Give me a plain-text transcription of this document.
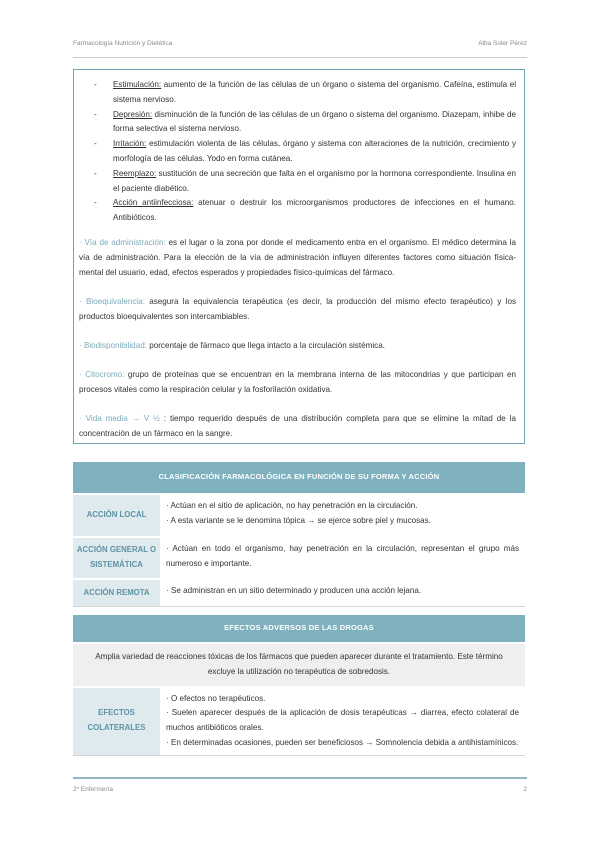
Farmacología Nutrición y Dietética	Alba Soler Pérez
- Estimulación: aumento de la función de las células de un órgano o sistema del organismo. Cafeína, estimula el sistema nervioso.
- Depresión: disminución de la función de las células de un órgano o sistema del organismo. Diazepam, inhibe de forma selectiva el sistema nervioso.
- Irritación: estimulación violenta de las células, órgano y sistema con alteraciones de la nutrición, crecimiento y morfología de las células. Yodo en forma cutánea.
- Reemplazo: sustitución de una secreción que falta en el organismo por la hormona correspondiente. Insulina en el paciente diabético.
- Acción antiinfecciosa: atenuar o destruir los microorganismos productores de infecciones en el humano. Antibióticos.

· Vía de administración: es el lugar o la zona por donde el medicamento entra en el organismo. El médico determina la vía de administración. Para la elección de la vía de administración influyen diferentes factores como situación física-mental del usuario, edad, efectos esperados y propiedades físico-químicas del fármaco.

· Bioequivalencia: asegura la equivalencia terapéutica (es decir, la producción del mismo efecto terapéutico) y los productos bioequivalentes son intercambiables.

· Biodisponibilidad: porcentaje de fármaco que llega intacto a la circulación sistémica.

· Citocromo: grupo de proteínas que se encuentran en la membrana interna de las mitocondrias y que participan en procesos vitales como la respiración celular y la fosforilación oxidativa.

· Vida media → V ½ : tiempo requerido después de una distribución completa para que se elimine la mitad de la concentración de un fármaco en la sangre.

CLASIFICACIÓN FARMACOLÓGICA EN FUNCIÓN DE SU FORMA Y ACCIÓN	
ACCIÓN LOCAL	· Actúan en el sitio de aplicación, no hay penetración en la circulación.
· A esta variante se le denomina tópica → se ejerce sobre piel y mucosas.

ACCIÓN GENERAL O SISTEMÁTICA	· Actúan en todo el organismo, hay penetración en la circulación, representan el grupo más numeroso e importante.

ACCIÓN REMOTA	· Se administran en un sitio determinado y producen una acción lejana.
EFECTOS ADVERSOS DE LAS DROGAS
Amplia variedad de reacciones tóxicas de los fármacos que pueden aparecer durante el tratamiento. Este término excluye la utilización no terapéutica de sobredosis.
EFECTOS COLATERALES	
· O efectos no terapéuticos.
· Suelen aparecer después de la aplicación de dosis terapéuticas → diarrea, efecto colateral de muchos antibióticos orales.
· En determinadas ocasiones, pueden ser beneficiosos → Somnolencia debida a antihistamínicos.
2º Enfermería	2
